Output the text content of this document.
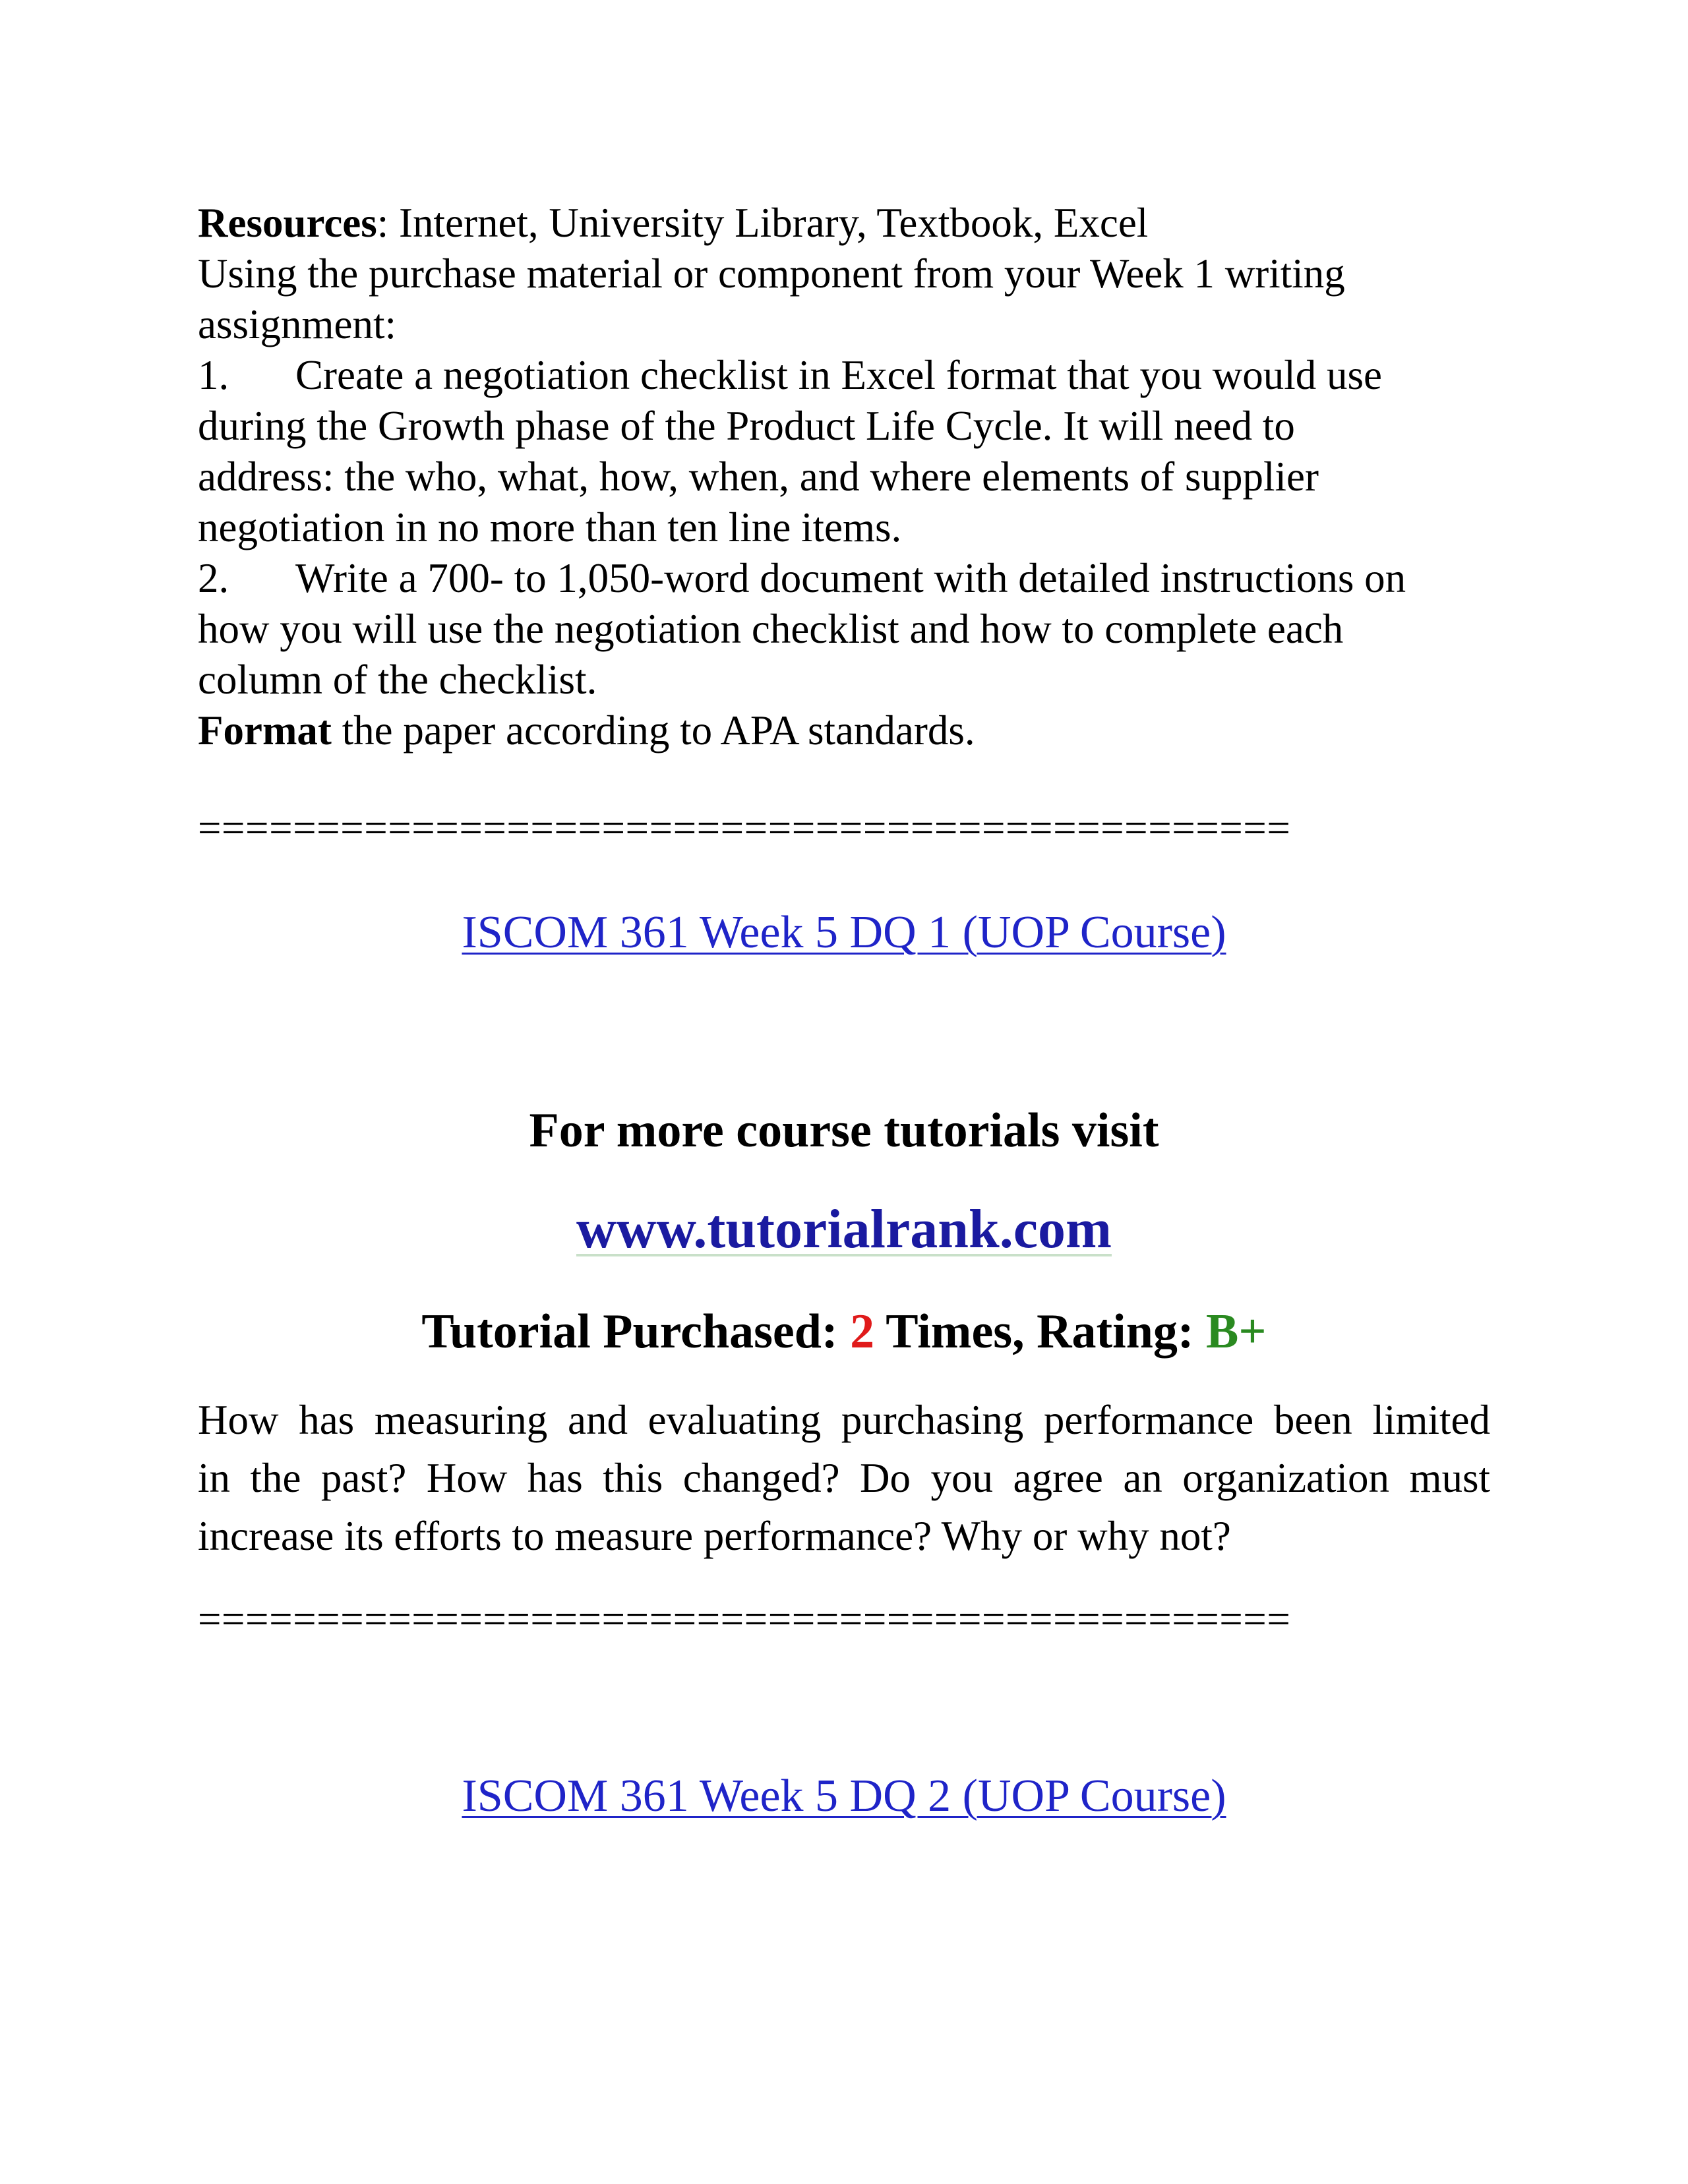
Resources: Internet, University Library, Textbook, Excel
Using the purchase material or component from your Week 1 writing
assignment:
1. Create a negotiation checklist in Excel format that you would use
during the Growth phase of the Product Life Cycle. It will need to
address: the who, what, how, when, and where elements of supplier
negotiation in no more than ten line items.
2. Write a 700- to 1,050-word document with detailed instructions on
how you will use the negotiation checklist and how to complete each
column of the checklist.
Format the paper according to APA standards.
==============================================
ISCOM 361 Week 5 DQ 1 (UOP Course)
For more course tutorials visit
www.tutorialrank.com
Tutorial Purchased: 2 Times, Rating: B+
How has measuring and evaluating purchasing performance been limited
in the past? How has this changed? Do you agree an organization must
increase its efforts to measure performance? Why or why not?
==============================================
ISCOM 361 Week 5 DQ 2 (UOP Course)
